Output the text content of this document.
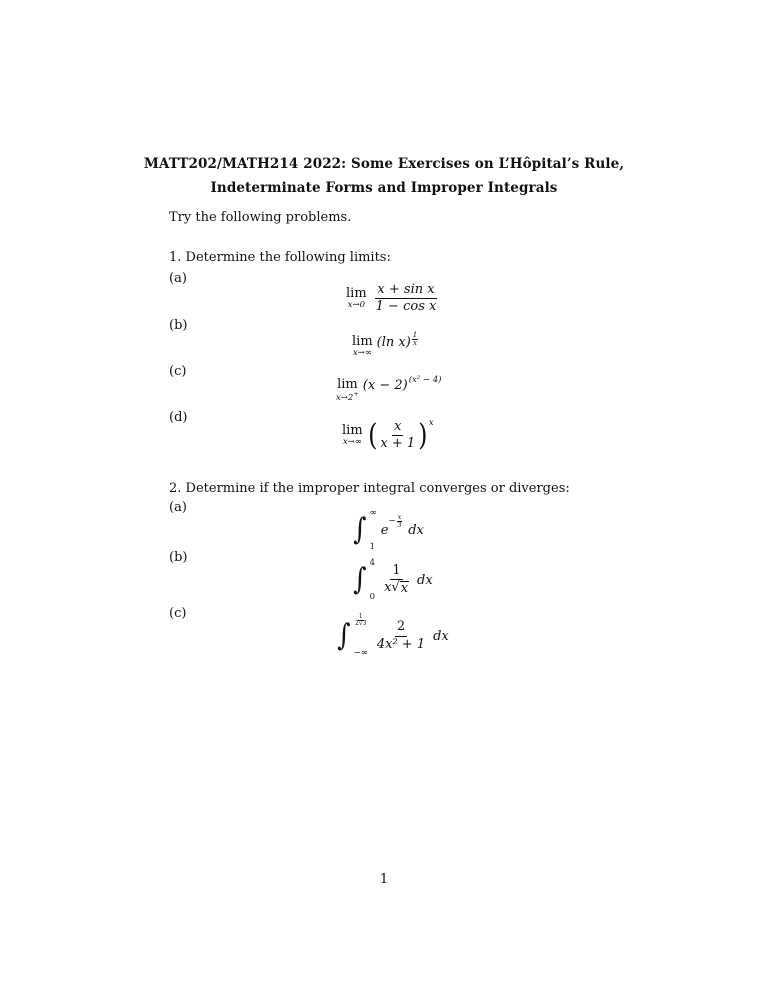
MATT202/MATH214 2022: Some Exercises on L’Hôpital’s Rule,
Indeterminate Forms and Improper Integrals
Try the following problems.
1. Determine the following limits:
(a)
lim
$x\to 0 \frac{\text{x + sin x}}{\text{1 − cos x}}$
(b)
lim
x→∞
(ln x) 1
x
(c)
lim
x→2+
(x − 2) (x² − 4)
(d)
lim
x→∞ ( $\frac{x}{x + 1}$ ) x
2. Determine if the improper integral converges or diverges:
(a)
∫ ∞
1
e
− $\frac{x}{3}$
dx
(b)
∫ 4
0
$\frac{1}{x √ x}$ dx
(c)
∫
1
2√3
−∞
$\frac{2}{\text{4x² + 1}}$ dx
1
